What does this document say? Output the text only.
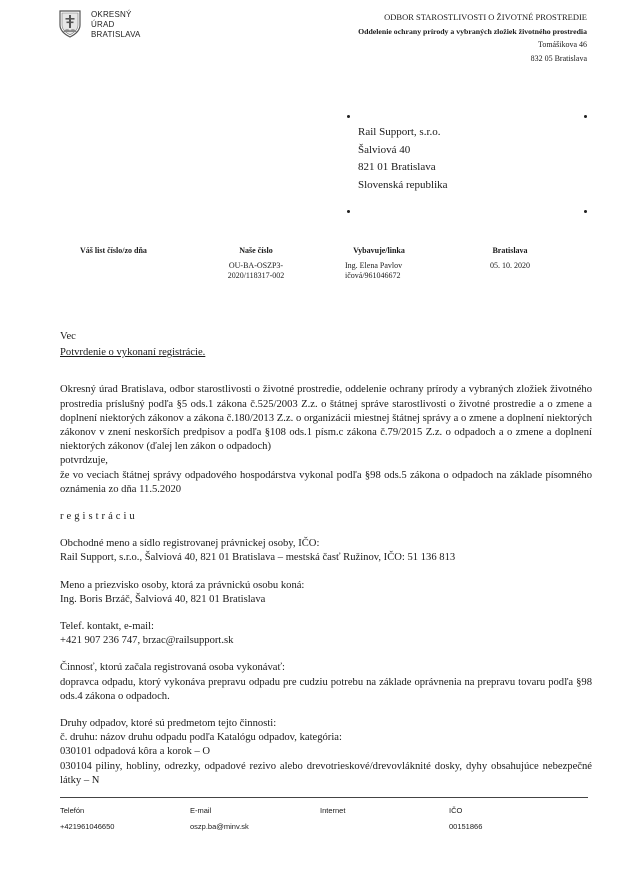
OKRESNÝ
ÚRAD
BRATISLAVA
ODBOR STAROSTLIVOSTI O ŽIVOTNÉ PROSTREDIE
Oddelenie ochrany prírody a vybraných zložiek životného prostredia
Tomášikova 46
832 05 Bratislava
Rail Support, s.r.o.
Šalviová 40
821 01 Bratislava
Slovenská republika
Váš list číslo/zo dňa	Naše číslo
OU-BA-OSZP3-
2020/118317-002
Vybavuje/linka
Ing. Elena Pavlov
ičová/961046672
Bratislava
05. 10. 2020

Vec

Potvrdenie o vykonaní registrácie.

Okresný úrad Bratislava, odbor starostlivosti o životné prostredie, oddelenie ochrany prírody a vybraných zložiek životného prostredia príslušný podľa §5 ods.1 zákona č.525/2003 Z.z. o štátnej správe starostlivosti o životné prostredie a o zmene a doplnení niektorých zákonov a zákona č.180/2013 Z.z. o organizácii miestnej štátnej správy a o zmene a doplnení niektorých zákonov v znení neskorších predpisov a podľa §108 ods.1 písm.c zákona č.79/2015 Z.z. o odpadoch a o zmene a doplnení niektorých zákonov (ďalej len zákon o odpadoch)

potvrdzuje,

že vo veciach štátnej správy odpadového hospodárstva vykonal podľa §98 ods.5 zákona o odpadoch na základe písomného oznámenia zo dňa 11.5.2020

registráciu

Obchodné meno a sídlo registrovanej právnickej osoby, IČO:

Rail Support, s.r.o., Šalviová 40, 821 01 Bratislava – mestská časť Ružinov, IČO: 51 136 813

Meno a priezvisko osoby, ktorá za právnickú osobu koná:

Ing. Boris Brzáč, Šalviová 40, 821 01 Bratislava

Telef. kontakt, e-mail:

+421 907 236 747, brzac@railsupport.sk

Činnosť, ktorú začala registrovaná osoba vykonávať:

dopravca odpadu, ktorý vykonáva prepravu odpadu pre cudziu potrebu na základe oprávnenia na prepravu tovaru podľa §98 ods.4 zákona o odpadoch.

Druhy odpadov, ktoré sú predmetom tejto činnosti:

č. druhu: názov druhu odpadu podľa Katalógu odpadov, kategória:

030101 odpadová kôra a korok – O

030104 piliny, hobliny, odrezky, odpadové rezivo alebo drevotrieskové/drevovláknité dosky, dyhy obsahujúce nebezpečné látky – N

Telefón
+421961046650
E-mail
oszp.ba@minv.sk
Internet	IČO
00151866
